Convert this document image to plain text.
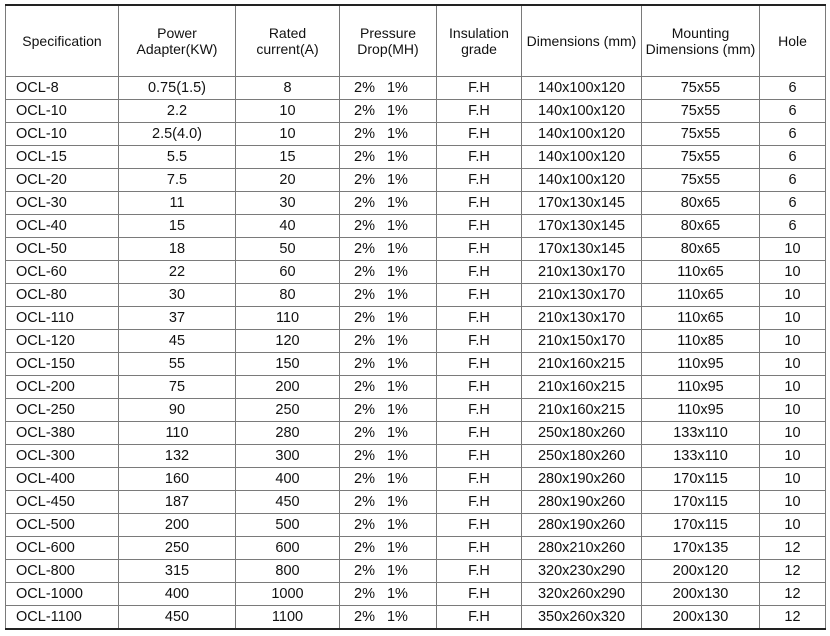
Specification	Power Adapter(KW)	Rated current(A)	Pressure Drop(MH)	Insulation grade	Dimensions (mm)	Mounting Dimensions (mm)	Hole
OCL-8	0.75(1.5)	8	2% 1%	F.H	140x100x120	75x55	6
OCL-10	2.2	10	2% 1%	F.H	140x100x120	75x55	6
OCL-10	2.5(4.0)	10	2% 1%	F.H	140x100x120	75x55	6
OCL-15	5.5	15	2% 1%	F.H	140x100x120	75x55	6
OCL-20	7.5	20	2% 1%	F.H	140x100x120	75x55	6
OCL-30	11	30	2% 1%	F.H	170x130x145	80x65	6
OCL-40	15	40	2% 1%	F.H	170x130x145	80x65	6
OCL-50	18	50	2% 1%	F.H	170x130x145	80x65	10
OCL-60	22	60	2% 1%	F.H	210x130x170	110x65	10
OCL-80	30	80	2% 1%	F.H	210x130x170	110x65	10
OCL-110	37	110	2% 1%	F.H	210x130x170	110x65	10
OCL-120	45	120	2% 1%	F.H	210x150x170	110x85	10
OCL-150	55	150	2% 1%	F.H	210x160x215	110x95	10
OCL-200	75	200	2% 1%	F.H	210x160x215	110x95	10
OCL-250	90	250	2% 1%	F.H	210x160x215	110x95	10
OCL-380	110	280	2% 1%	F.H	250x180x260	133x110	10
OCL-300	132	300	2% 1%	F.H	250x180x260	133x110	10
OCL-400	160	400	2% 1%	F.H	280x190x260	170x115	10
OCL-450	187	450	2% 1%	F.H	280x190x260	170x115	10
OCL-500	200	500	2% 1%	F.H	280x190x260	170x115	10
OCL-600	250	600	2% 1%	F.H	280x210x260	170x135	12
OCL-800	315	800	2% 1%	F.H	320x230x290	200x120	12
OCL-1000	400	1000	2% 1%	F.H	320x260x290	200x130	12
OCL-1100	450	1100	2% 1%	F.H	350x260x320	200x130	12
